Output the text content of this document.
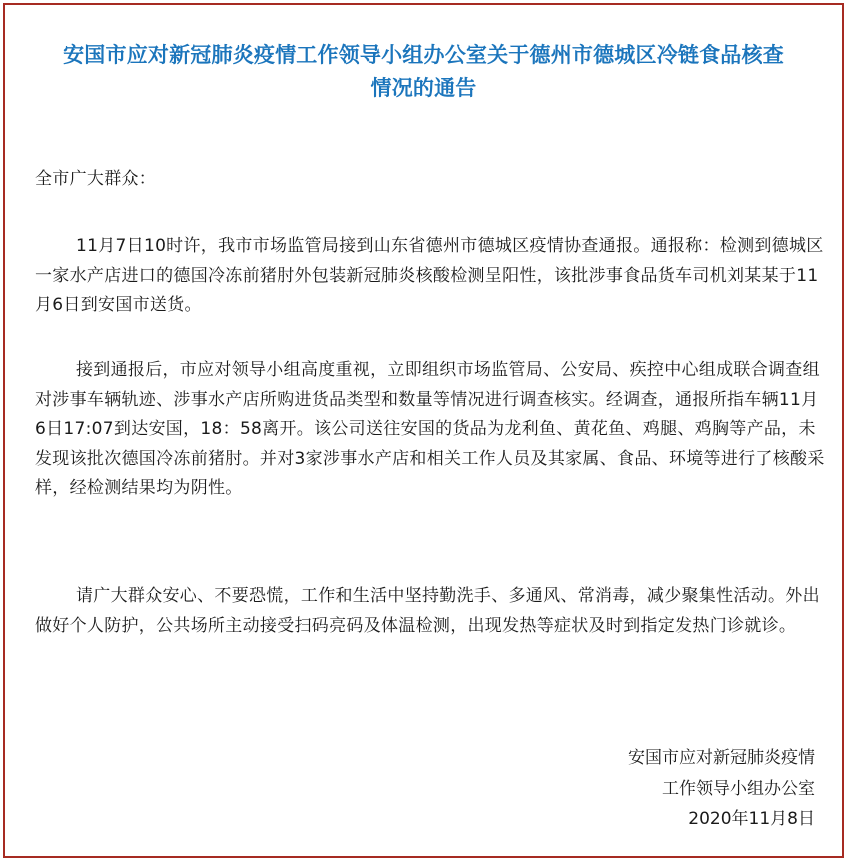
安国市应对新冠肺炎疫情工作领导小组办公室关于德州市德城区冷链食品核查
情况的通告
全市广大群众：

11月7日10时许，我市市场监管局接到山东省德州市德城区疫情协查通报。通报称：检测到德城区一家水产店进口的德国冷冻前猪肘外包装新冠肺炎核酸检测呈阳性，该批涉事食品货车司机刘某某于11月6日到安国市送货。

接到通报后，市应对领导小组高度重视，立即组织市场监管局、公安局、疾控中心组成联合调查组对涉事车辆轨迹、涉事水产店所购进货品类型和数量等情况进行调查核实。经调查，通报所指车辆11月6日17:07到达安国，18：58离开。该公司送往安国的货品为龙利鱼、黄花鱼、鸡腿、鸡胸等产品，未发现该批次德国冷冻前猪肘。并对3家涉事水产店和相关工作人员及其家属、食品、环境等进行了核酸采样，经检测结果均为阴性。

请广大群众安心、不要恐慌，工作和生活中坚持勤洗手、多通风、常消毒，减少聚集性活动。外出做好个人防护，公共场所主动接受扫码亮码及体温检测，出现发热等症状及时到指定发热门诊就诊。

安国市应对新冠肺炎疫情
工作领导小组办公室
2020年11月8日
